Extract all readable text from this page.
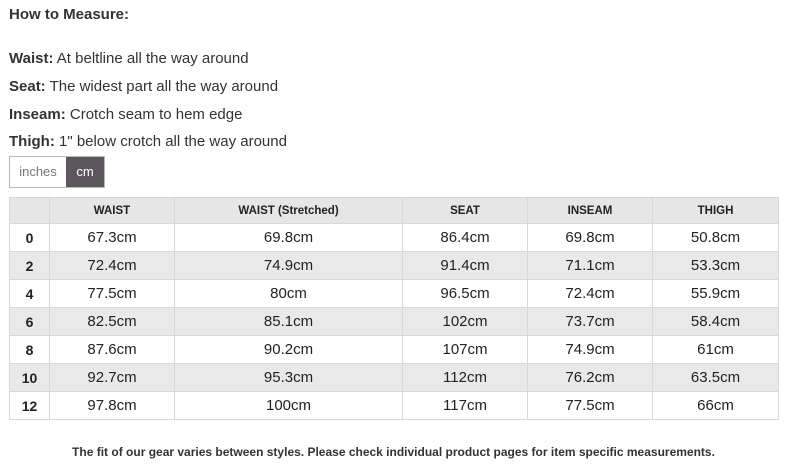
How to Measure:
Waist: At beltline all the way around
Seat: The widest part all the way around
Inseam: Crotch seam to hem edge
Thigh: 1" below crotch all the way around
inches	cm
	WAIST	WAIST (Stretched)	SEAT	INSEAM	THIGH
0	67.3cm	69.8cm	86.4cm	69.8cm	50.8cm
2	72.4cm	74.9cm	91.4cm	71.1cm	53.3cm
4	77.5cm	80cm	96.5cm	72.4cm	55.9cm
6	82.5cm	85.1cm	102cm	73.7cm	58.4cm
8	87.6cm	90.2cm	107cm	74.9cm	61cm
10	92.7cm	95.3cm	112cm	76.2cm	63.5cm
12	97.8cm	100cm	117cm	77.5cm	66cm
The fit of our gear varies between styles. Please check individual product pages for item specific measurements.
